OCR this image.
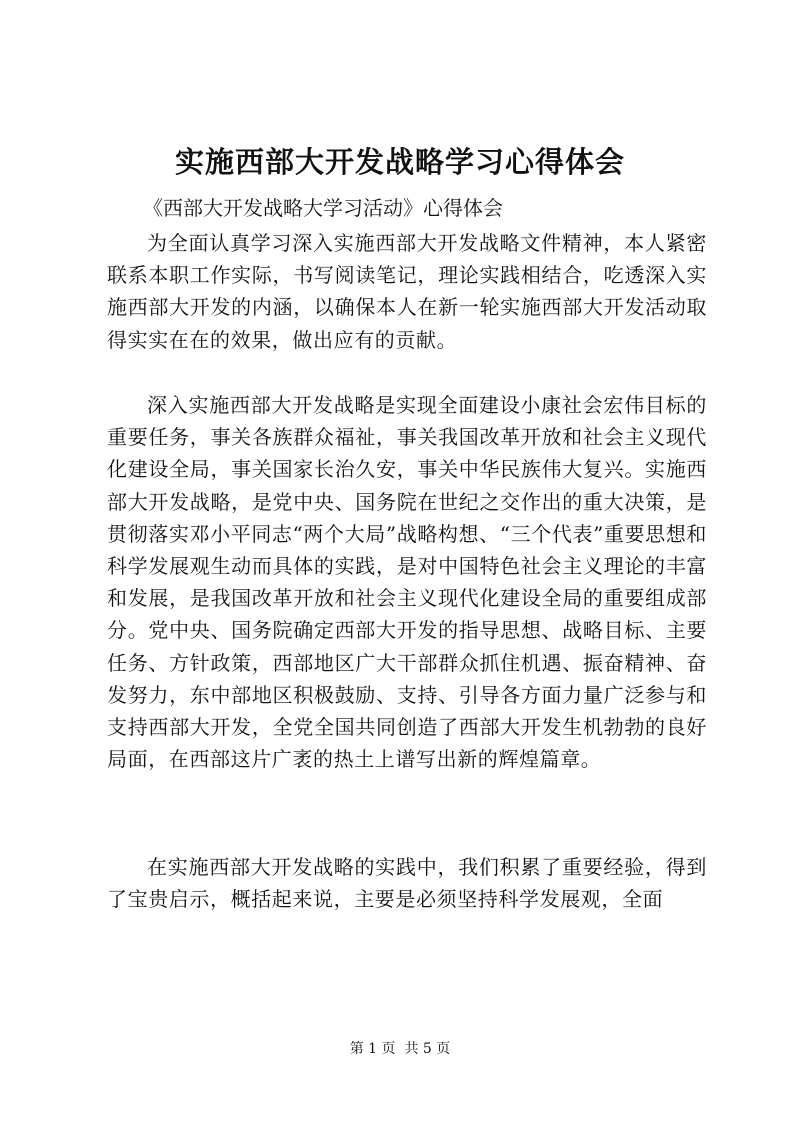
实施西部大开发战略学习心得体会
《西部大开发战略大学习活动》心得体会

为全面认真学习深入实施西部大开发战略文件精神，本人紧密联系本职工作实际，书写阅读笔记，理论实践相结合，吃透深入实施西部大开发的内涵，以确保本人在新一轮实施西部大开发活动取得实实在在的效果，做出应有的贡献。

深入实施西部大开发战略是实现全面建设小康社会宏伟目标的重要任务，事关各族群众福祉，事关我国改革开放和社会主义现代化建设全局，事关国家长治久安，事关中华民族伟大复兴。实施西部大开发战略，是党中央、国务院在世纪之交作出的重大决策，是贯彻落实邓小平同志“两个大局”战略构想、“三个代表”重要思想和科学发展观生动而具体的实践，是对中国特色社会主义理论的丰富和发展，是我国改革开放和社会主义现代化建设全局的重要组成部分。党中央、国务院确定西部大开发的指导思想、战略目标、主要任务、方针政策，西部地区广大干部群众抓住机遇、振奋精神、奋发努力，东中部地区积极鼓励、支持、引导各方面力量广泛参与和支持西部大开发，全党全国共同创造了西部大开发生机勃勃的良好局面，在西部这片广袤的热土上谱写出新的辉煌篇章。

在实施西部大开发战略的实践中，我们积累了重要经验，得到了宝贵启示，概括起来说，主要是必须坚持科学发展观，全面

第 1 页  共 5 页
